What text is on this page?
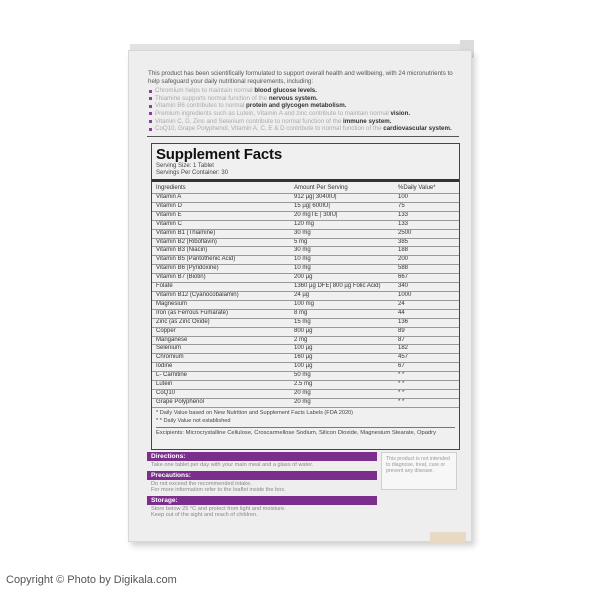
This product has been scientifically formulated to support overall health and wellbeing, with 24 micronutrients to help safeguard your daily nutritional requirements, including:

Chromium helps to maintain normal blood glucose levels.
Thiamine supports normal function of the nervous system.
Vitamin B6 contributes to normal protein and glycogen metabolism.
Premium ingredients such as Lutein, Vitamin A and zinc contribute to maintain normal vision.
Vitamin C, D, Zinc and Selenium contribute to normal function of the immune system.
CoQ10, Grape Polyphenol, Vitamin A, C, E & D contribute to normal function of the cardiovascular system.
Supplement Facts
Serving Size: 1 Tablet
Servings Per Container: 30
Ingredients	Amount Per Serving	%Daily Value*
Vitamin A	912 µg| 3040IU|	100
Vitamin D	15 µg| 600IU|	75
Vitamin E	20 mgTE | 30IU|	133
Vitamin C	120 mg	133
Vitamin B1 (Thiamine)	30 mg	2500
Vitamin B2 (Riboflavin)	5 mg	385
Vitamin B3 (Niacin)	30 mg	188
Vitamin B5 (Pantothenic Acid)	10 mg	200
Vitamin B6 (Pyridoxine)	10 mg	588
Vitamin B7 (Biotin)	200 µg	667
Folate	1360 µg DFE| 800 µg Folic Acid)	340
Vitamin B12 (Cyanocobalamin)	24 µg	1000
Magnesium	100 mg	24
Iron (as Ferrous Fumarate)	8 mg	44
Zinc (as Zinc Oxide)	15 mg	136
Copper	800 µg	89
Manganese	2 mg	87
Selenium	100 µg	182
Chromium	160 µg	457
Iodine	100 µg	67
L- Carnitine	50 mg	* *
Lutein	2.5 mg	* *
CoQ10	20 mg	* *
Grape Polyphenol	20 mg	* *
* Daily Value based on New Nutrition and Supplement Facts Labels (FDA 2020)
* * Daily Value not established
Excipients: Microcrystalline Cellulose, Croscarmellose Sodium, Silicon Dioxide, Magnesium Stearate, Opadry
Directions:
Take one tablet per day with your main meal and a glass of water.
Precautions:
Do not exceed the recommended intake.
For more information refer to the leaflet inside the box.
Storage:
Store below 25 °C and protect from light and moisture.
Keep out of the sight and reach of children.
This product is not intended to diagnose, treat, cure or prevent any disease.
Copyright © Photo by Digikala.com
